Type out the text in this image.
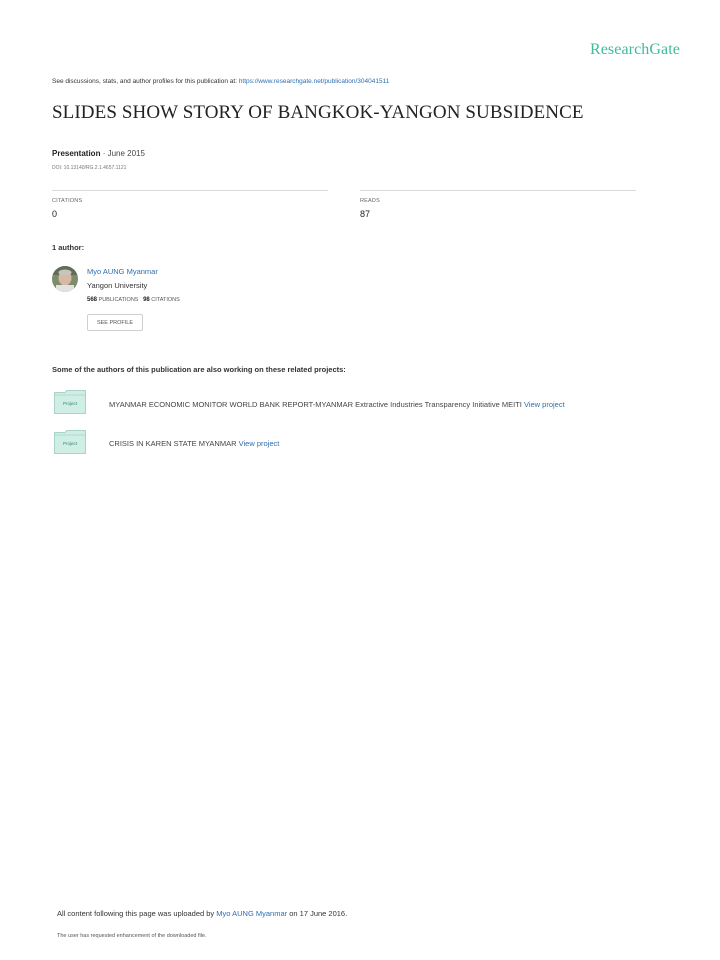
ResearchGate
See discussions, stats, and author profiles for this publication at: https://www.researchgate.net/publication/304041511
SLIDES SHOW STORY OF BANGKOK-YANGON SUBSIDENCE
Presentation · June 2015
DOI: 10.13140/RG.2.1.4657.1121
CITATIONS
0
READS
87
1 author:
Myo AUNG Myanmar
Yangon University
568 PUBLICATIONS 98 CITATIONS
SEE PROFILE
Some of the authors of this publication are also working on these related projects:
Project	MYANMAR ECONOMIC MONITOR WORLD BANK REPORT-MYANMAR Extractive Industries Transparency Initiative MEITI View project
Project	CRISIS IN KAREN STATE MYANMAR View project
All content following this page was uploaded by Myo AUNG Myanmar on 17 June 2016.
The user has requested enhancement of the downloaded file.
